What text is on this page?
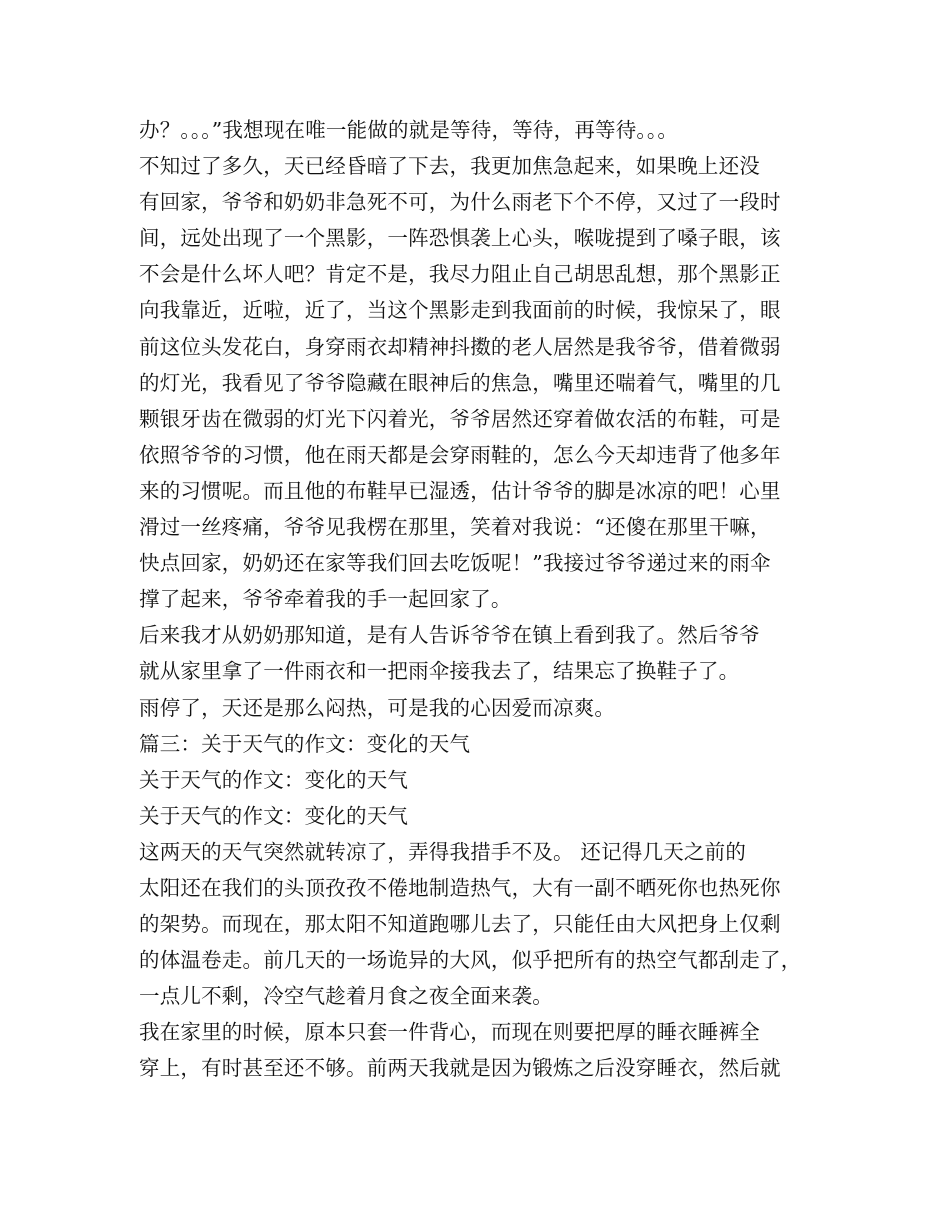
办？。。。”我想现在唯一能做的就是等待，等待，再等待。。。
不知过了多久，天已经昏暗了下去，我更加焦急起来，如果晚上还没
有回家，爷爷和奶奶非急死不可，为什么雨老下个不停，又过了一段时
间，远处出现了一个黑影，一阵恐惧袭上心头，喉咙提到了嗓子眼，该
不会是什么坏人吧？肯定不是，我尽力阻止自己胡思乱想，那个黑影正
向我靠近，近啦，近了，当这个黑影走到我面前的时候，我惊呆了，眼
前这位头发花白，身穿雨衣却精神抖擞的老人居然是我爷爷，借着微弱
的灯光，我看见了爷爷隐藏在眼神后的焦急，嘴里还喘着气，嘴里的几
颗银牙齿在微弱的灯光下闪着光，爷爷居然还穿着做农活的布鞋，可是
依照爷爷的习惯，他在雨天都是会穿雨鞋的，怎么今天却违背了他多年
来的习惯呢。而且他的布鞋早已湿透，估计爷爷的脚是冰凉的吧！心里
滑过一丝疼痛，爷爷见我楞在那里，笑着对我说：“还傻在那里干嘛，
快点回家，奶奶还在家等我们回去吃饭呢！”我接过爷爷递过来的雨伞
撑了起来，爷爷牵着我的手一起回家了。
后来我才从奶奶那知道，是有人告诉爷爷在镇上看到我了。然后爷爷
就从家里拿了一件雨衣和一把雨伞接我去了，结果忘了换鞋子了。
雨停了，天还是那么闷热，可是我的心因爱而凉爽。
篇三：关于天气的作文：变化的天气
关于天气的作文：变化的天气
关于天气的作文：变化的天气
这两天的天气突然就转凉了，弄得我措手不及。 还记得几天之前的
太阳还在我们的头顶孜孜不倦地制造热气，大有一副不晒死你也热死你
的架势。而现在，那太阳不知道跑哪儿去了，只能任由大风把身上仅剩
的体温卷走。前几天的一场诡异的大风，似乎把所有的热空气都刮走了，
一点儿不剩，冷空气趁着月食之夜全面来袭。
我在家里的时候，原本只套一件背心，而现在则要把厚的睡衣睡裤全
穿上，有时甚至还不够。前两天我就是因为锻炼之后没穿睡衣，然后就
